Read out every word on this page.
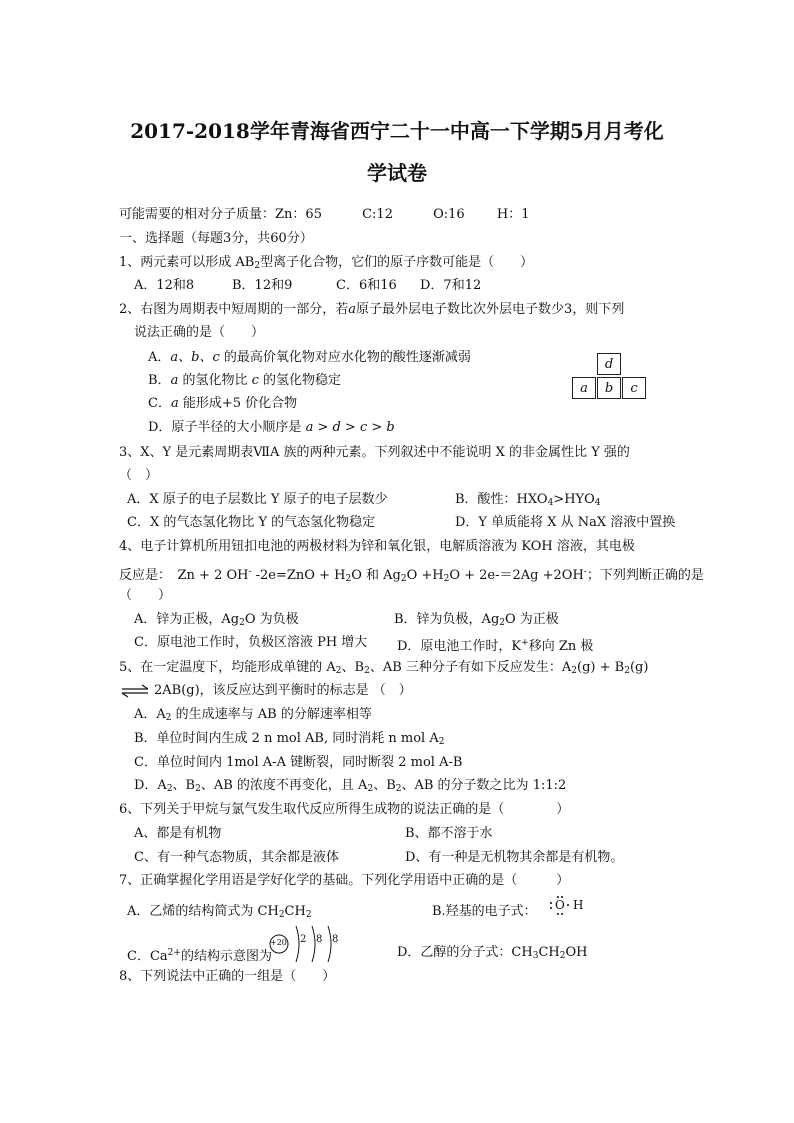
2017-2018学年青海省西宁二十一中高一下学期5月月考化
学试卷
可能需要的相对分子质量：Zn：65	C:12	O:16 H：1
一、选择题（每题3分，共60分）
1、两元素可以形成 $AB_2$型离子化合物，它们的原子序数可能是（　　）
A．12和8	B．12和9	C．6和16 D．7和12
2、右图为周期表中短周期的一部分，若a原子最外层电子数比次外层电子数少3，则下列
说法正确的是（　　）
A．a、b、c 的最高价氧化物对应水化物的酸性逐渐减弱
B．a 的氢化物比 c 的氢化物稳定
C．a 能形成+5 价化合物
D．原子半径的大小顺序是 a > d > c > b
d
a	b	c
3、X、Y 是元素周期表ⅦA 族的两种元素。下列叙述中不能说明 X 的非金属性比 Y 强的
（　）
A．X 原子的电子层数比 Y 原子的电子层数少	B．酸性：$HXO_4>HYO_4$
C．X 的气态氢化物比 Y 的气态氢化物稳定	D．Y 单质能将 X 从 NaX 溶液中置换
4、电子计算机所用钮扣电池的两极材料为锌和氧化银，电解质溶液为 KOH 溶液，其电极
反应是：　Zn + 2 OH- $-2e=ZnO + H_2O$ 和 $Ag_2O +H_2O + 2e-=2Ag +2OH^-$；下列判断正确的是
（　　）
A．锌为正极，$Ag_2O$ 为负极	B．锌为负极，$Ag_2O$ 为正极
C．原电池工作时，负极区溶液 PH 增大 D．原电池工作时，K+移向 Zn 极
5、在一定温度下，均能形成单键的 $A_2$、$B_2$、AB 三种分子有如下反应发生：$A_2(g) + B_2(g)$
⇌ 2AB(g)，该反应达到平衡时的标志是 （　）
A．$A_2$ 的生成速率与 AB 的分解速率相等
B．单位时间内生成 2 n mol AB, 同时消耗 n mol $A_2$
C．单位时间内 1mol A-A 键断裂，同时断裂 2 mol A-B
D．$A_2$、$B_2$、AB 的浓度不再变化，且 $A_2$、$B_2$、AB 的分子数之比为 1:1:2
6、下列关于甲烷与氯气发生取代反应所得生成物的说法正确的是（　　　　）
A、都是有机物	B、都不溶于水
C、有一种气态物质，其余都是液体	D、有一种是无机物其余都是有机物。
7、正确掌握化学用语是学好化学的基础。下列化学用语中正确的是（　　　）
A．乙烯的结构简式为 $CH_2CH_2$	B.羟基的电子式： O H
C．$Ca^{2+}$的结构示意图为
+20 2 8 8
D．乙醇的分子式：$CH_3CH_2OH$
8、下列说法中正确的一组是（　　）
